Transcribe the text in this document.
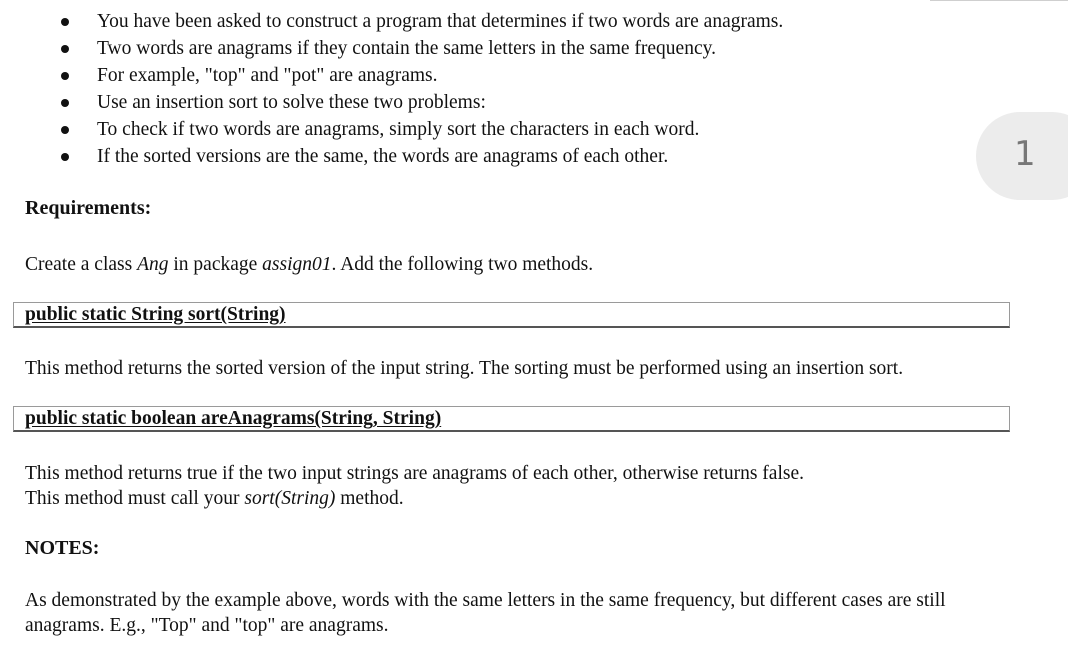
You have been asked to construct a program that determines if two words are anagrams.
Two words are anagrams if they contain the same letters in the same frequency.
For example, "top" and "pot" are anagrams.
Use an insertion sort to solve these two problems:
To check if two words are anagrams, simply sort the characters in each word.
If the sorted versions are the same, the words are anagrams of each other.	1
Requirements:
Create a class Ang in package assign01. Add the following two methods.
public static String sort(String)
This method returns the sorted version of the input string. The sorting must be performed using an insertion sort.
public static boolean areAnagrams(String, String)
This method returns true if the two input strings are anagrams of each other, otherwise returns false.
This method must call your sort(String) method.
NOTES:
As demonstrated by the example above, words with the same letters in the same frequency, but different cases are still
anagrams. E.g., "Top" and "top" are anagrams.
